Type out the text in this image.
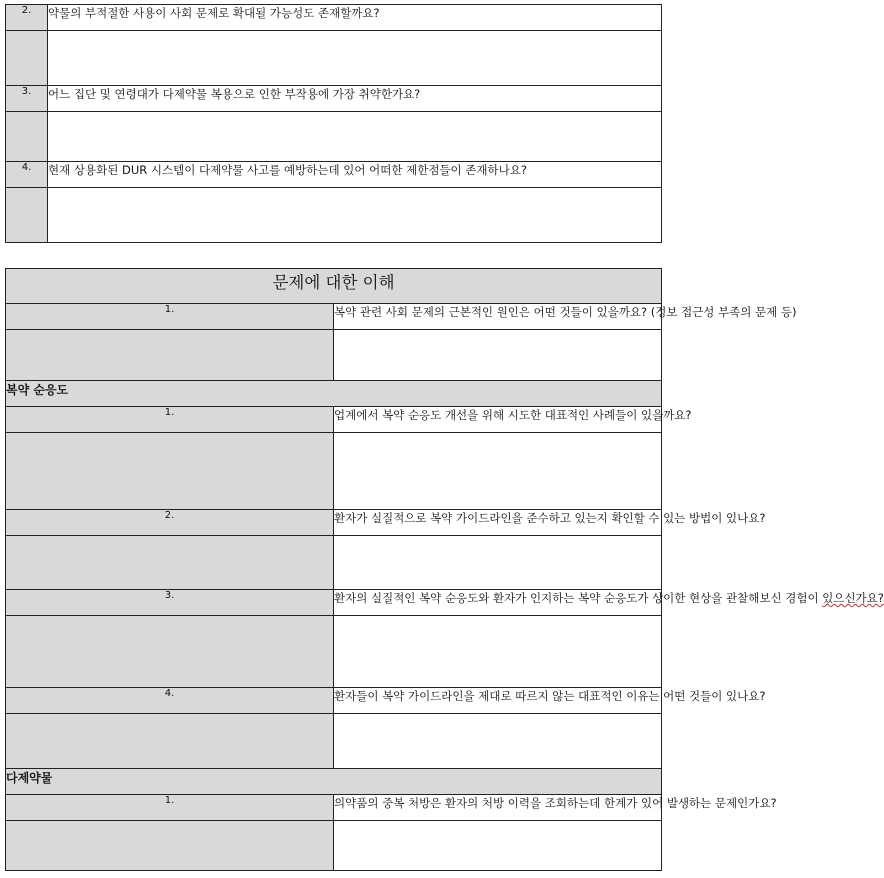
2.	약물의 부적절한 사용이 사회 문제로 확대될 가능성도 존재할까요?

3.	어느 집단 및 연령대가 다제약물 복용으로 인한 부작용에 가장 취약한가요?

4.	현재 상용화된 DUR 시스템이 다제약물 사고를 예방하는데 있어 어떠한 제한점들이 존재하나요?

문제에 대한 이해	
1.	복약 관련 사회 문제의 근본적인 원인은 어떤 것들이 있을까요? (정보 접근성 부족의 문제 등)

복약 순응도	
1.	업계에서 복약 순응도 개선을 위해 시도한 대표적인 사례들이 있을까요?

2.	환자가 실질적으로 복약 가이드라인을 준수하고 있는지 확인할 수 있는 방법이 있나요?

3.	환자의 실질적인 복약 순응도와 환자가 인지하는 복약 순응도가 상이한 현상을 관찰해보신 경험이 있으신가요?

4.	환자들이 복약 가이드라인을 제대로 따르지 않는 대표적인 이유는 어떤 것들이 있나요?

다제약물	
1.	의약품의 중복 처방은 환자의 처방 이력을 조회하는데 한계가 있어 발생하는 문제인가요?
